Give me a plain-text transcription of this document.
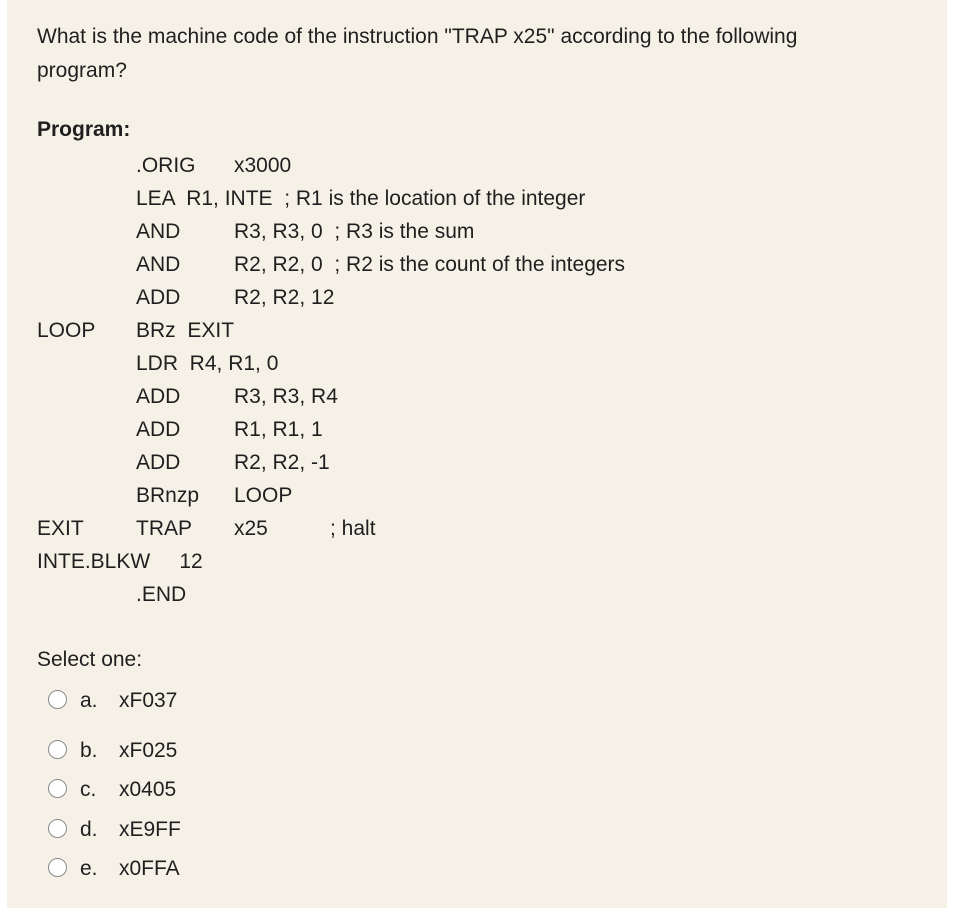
What is the machine code of the instruction "TRAP x25" according to the following
program?
Program:
.ORIG x3000
LEA  R1, INTE  ; R1 is the location of the integer
AND	R3, R3, 0  ; R3 is the sum
AND	R2, R2, 0  ; R2 is the count of the integers
ADD	R2, R2, 12
LOOP BRz  EXIT
LDR  R4, R1, 0
ADD	R3, R3, R4
ADD	R1, R1, 1
ADD	R2, R2, -1
BRnzp LOOP
EXIT TRAP x25	; halt
INTE.BLKW     12
.END
Select one:
a. xF037
b. xF025
c. x0405
d. xE9FF
e. x0FFA
